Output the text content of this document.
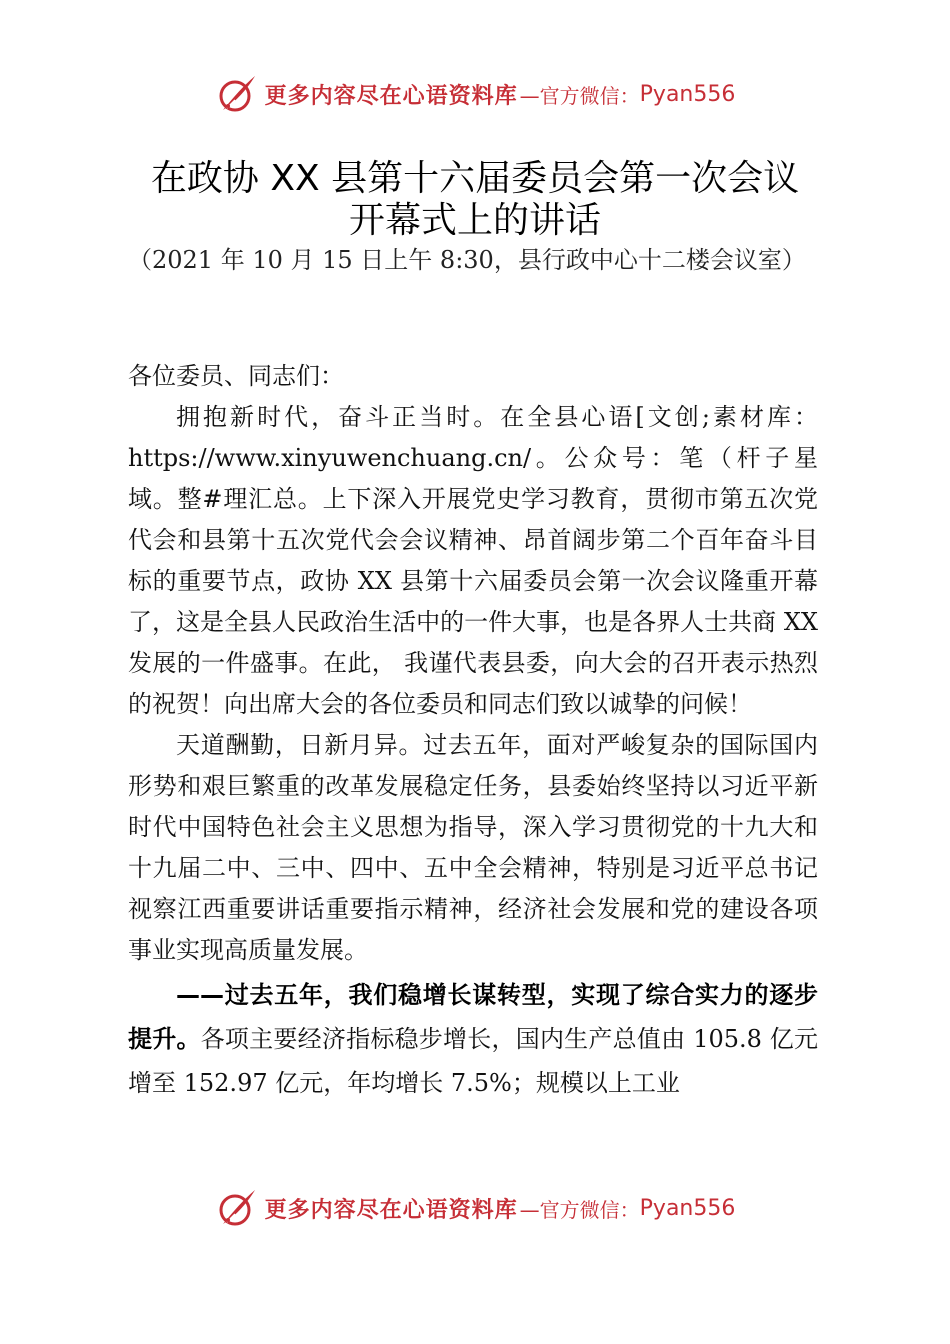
更多内容尽在心语资料库 —官方微信： Pyan556
在政协 XX 县第十六届委员会第一次会议
开幕式上的讲话
（2021 年 10 月 15 日上午 8:30，县行政中心十二楼会议室）

各位委员、同志们：

拥抱新时代，奋斗正当时。在全县心语[文创;素材库：https://www.xinyuwenchuang.cn/。公众号：笔（杆子星域。整#理汇总。上下深入开展党史学习教育，贯彻市第五次党代会和县第十五次党代会会议精神、昂首阔步第二个百年奋斗目标的重要节点，政协 XX 县第十六届委员会第一次会议隆重开幕了，这是全县人民政治生活中的一件大事，也是各界人士共商 XX 发展的一件盛事。在此， 我谨代表县委，向大会的召开表示热烈的祝贺！向出席大会的各位委员和同志们致以诚挚的问候！

天道酬勤，日新月异。过去五年，面对严峻复杂的国际国内形势和艰巨繁重的改革发展稳定任务，县委始终坚持以习近平新时代中国特色社会主义思想为指导，深入学习贯彻党的十九大和十九届二中、三中、四中、五中全会精神，特别是习近平总书记视察江西重要讲话重要指示精神，经济社会发展和党的建设各项事业实现高质量发展。

——过去五年，我们稳增长谋转型，实现了综合实力的逐步提升。各项主要经济指标稳步增长，国内生产总值由 105.8 亿元增至 152.97 亿元，年均增长 7.5%；规模以上工业

更多内容尽在心语资料库 —官方微信： Pyan556
